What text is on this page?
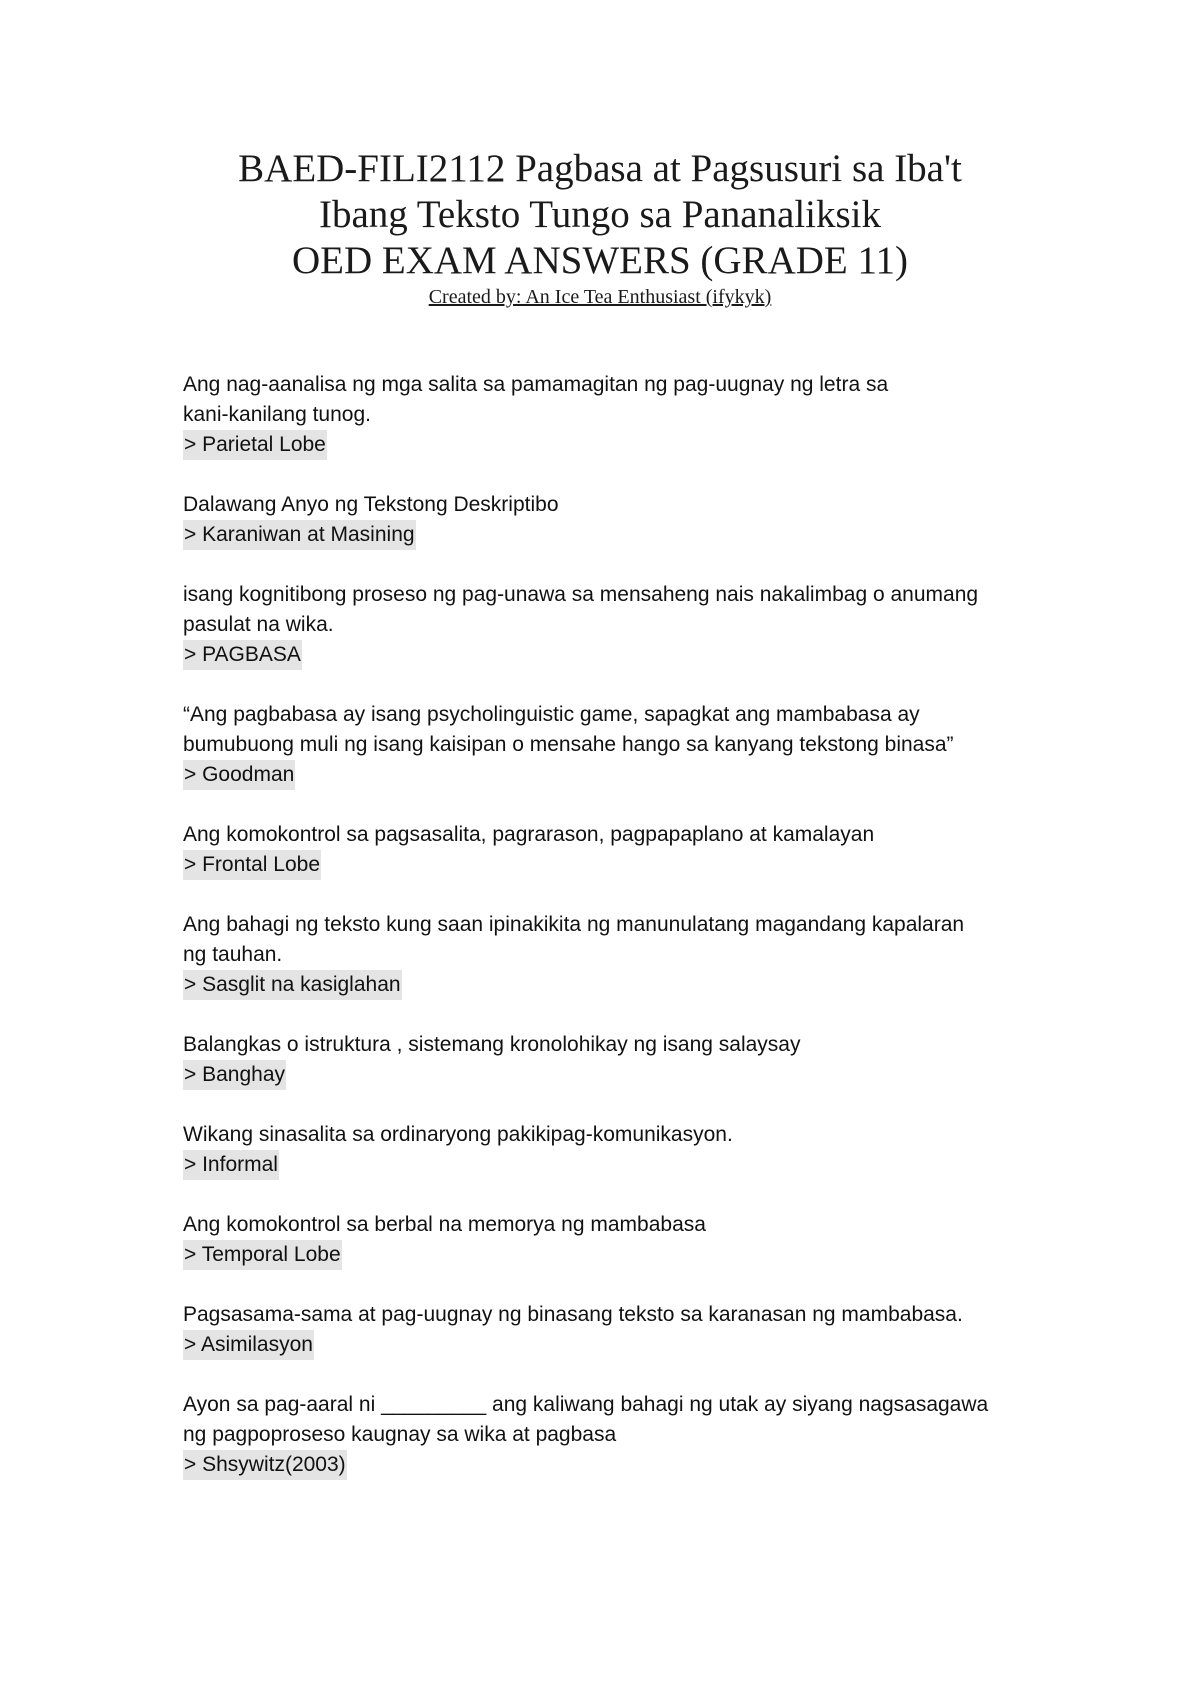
BAED-FILI2112 Pagbasa at Pagsusuri sa Iba't
Ibang Teksto Tungo sa Pananaliksik
OED EXAM ANSWERS (GRADE 11)
Created by: An Ice Tea Enthusiast (ifykyk)
Ang nag-aanalisa ng mga salita sa pamamagitan ng pag-uugnay ng letra sa
kani-kanilang tunog.
> Parietal Lobe
Dalawang Anyo ng Tekstong Deskriptibo
> Karaniwan at Masining
isang kognitibong proseso ng pag-unawa sa mensaheng nais nakalimbag o anumang
pasulat na wika.
> PAGBASA
“Ang pagbabasa ay isang psycholinguistic game, sapagkat ang mambabasa ay
bumubuong muli ng isang kaisipan o mensahe hango sa kanyang tekstong binasa”
> Goodman
Ang komokontrol sa pagsasalita, pagrarason, pagpapaplano at kamalayan
> Frontal Lobe
Ang bahagi ng teksto kung saan ipinakikita ng manunulatang magandang kapalaran
ng tauhan.
> Sasglit na kasiglahan
Balangkas o istruktura , sistemang kronolohikay ng isang salaysay
> Banghay
Wikang sinasalita sa ordinaryong pakikipag-komunikasyon.
> Informal
Ang komokontrol sa berbal na memorya ng mambabasa
> Temporal Lobe
Pagsasama-sama at pag-uugnay ng binasang teksto sa karanasan ng mambabasa.
> Asimilasyon
Ayon sa pag-aaral ni _________ ang kaliwang bahagi ng utak ay siyang nagsasagawa
ng pagpoproseso kaugnay sa wika at pagbasa
> Shsywitz(2003)
